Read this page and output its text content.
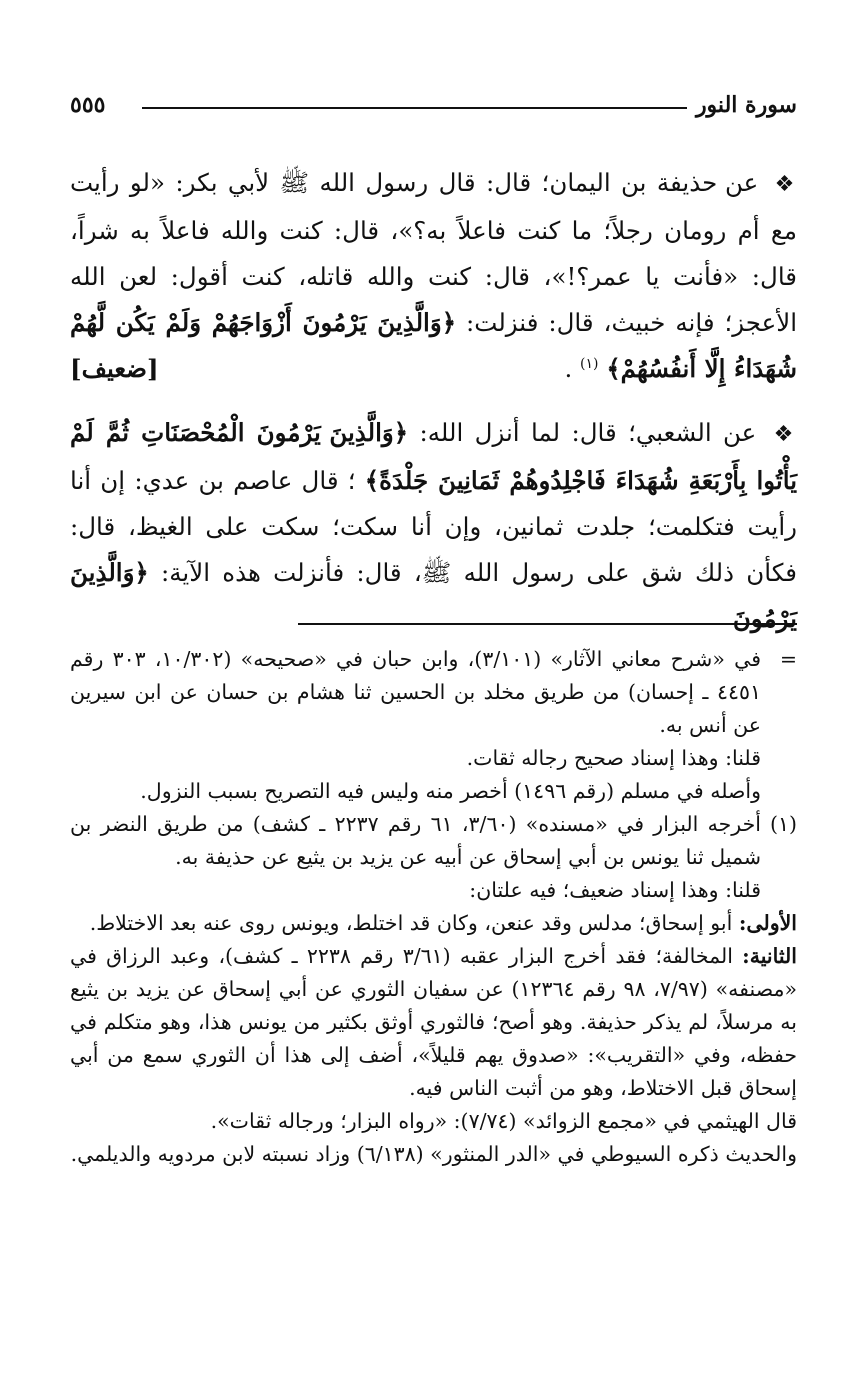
سورة النور
٥٥٥

❖ عن حذيفة بن اليمان؛ قال: قال رسول الله ﷺ لأبي بكر: «لو رأيت مع أم رومان رجلاً؛ ما كنت فاعلاً به؟»، قال: كنت والله فاعلاً به شراً، قال: «فأنت يا عمر؟!»، قال: كنت والله قاتله، كنت أقول: لعن الله الأعجز؛ فإنه خبيث، قال: فنزلت: ﴿وَالَّذِينَ يَرْمُونَ أَزْوَاجَهُمْ وَلَمْ يَكُن لَّهُمْ شُهَدَاءُ إِلَّا أَنفُسُهُمْ﴾ $^{(١)}$ .
[ضعيف]

❖ عن الشعبي؛ قال: لما أنزل الله: ﴿وَالَّذِينَ يَرْمُونَ الْمُحْصَنَاتِ ثُمَّ لَمْ يَأْتُوا بِأَرْبَعَةِ شُهَدَاءَ فَاجْلِدُوهُمْ ثَمَانِينَ جَلْدَةً﴾ ؛ قال عاصم بن عدي: إن أنا رأيت فتكلمت؛ جلدت ثمانين، وإن أنا سكت؛ سكت على الغيظ، قال: فكأن ذلك شق على رسول الله ﷺ، قال: فأنزلت هذه الآية: ﴿وَالَّذِينَ يَرْمُونَ

=

في «شرح معاني الآثار» (٣/١٠١)، وابن حبان في «صحيحه» (١٠/٣٠٢، ٣٠٣ رقم ٤٤٥١ ـ إحسان) من طريق مخلد بن الحسين ثنا هشام بن حسان عن ابن سيرين عن أنس به.

قلنا: وهذا إسناد صحيح رجاله ثقات.

وأصله في مسلم (رقم ١٤٩٦) أخصر منه وليس فيه التصريح بسبب النزول.

(١)

أخرجه البزار في «مسنده» (٣/٦٠، ٦١ رقم ٢٢٣٧ ـ كشف) من طريق النضر بن شميل ثنا يونس بن أبي إسحاق عن أبيه عن يزيد بن يثيع عن حذيفة به.

قلنا: وهذا إسناد ضعيف؛ فيه علتان:

الأولى: أبو إسحاق؛ مدلس وقد عنعن، وكان قد اختلط، ويونس روى عنه بعد الاختلاط.

الثانية: المخالفة؛ فقد أخرج البزار عقبه (٣/٦١ رقم ٢٢٣٨ ـ كشف)، وعبد الرزاق في «مصنفه» (٧/٩٧، ٩٨ رقم ١٢٣٦٤) عن سفيان الثوري عن أبي إسحاق عن يزيد بن يثيع به مرسلاً، لم يذكر حذيفة. وهو أصح؛ فالثوري أوثق بكثير من يونس هذا، وهو متكلم في حفظه، وفي «التقريب»: «صدوق يهم قليلاً»، أضف إلى هذا أن الثوري سمع من أبي إسحاق قبل الاختلاط، وهو من أثبت الناس فيه.

قال الهيثمي في «مجمع الزوائد» (٧/٧٤): «رواه البزار؛ ورجاله ثقات».

والحديث ذكره السيوطي في «الدر المنثور» (٦/١٣٨) وزاد نسبته لابن مردويه والديلمي.
